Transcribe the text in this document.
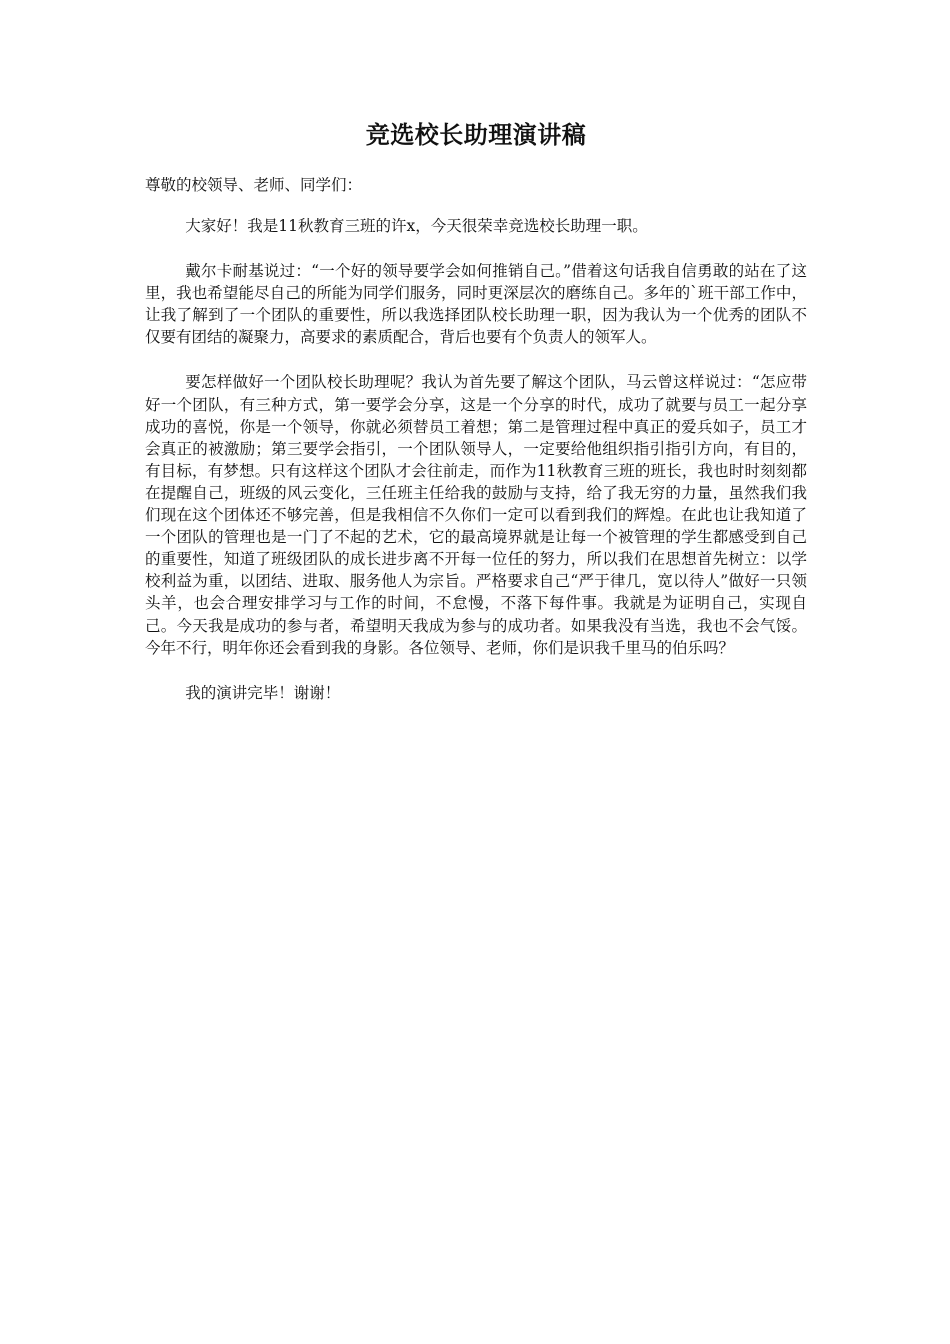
竞选校长助理演讲稿

尊敬的校领导、老师、同学们：

大家好！我是11秋教育三班的许x，今天很荣幸竞选校长助理一职。

戴尔卡耐基说过：“一个好的领导要学会如何推销自己。”借着这句话我自信勇敢的站在了这里，我也希望能尽自己的所能为同学们服务，同时更深层次的磨练自己。多年的`班干部工作中，让我了解到了一个团队的重要性，所以我选择团队校长助理一职，因为我认为一个优秀的团队不仅要有团结的凝聚力，高要求的素质配合，背后也要有个负责人的领军人。

要怎样做好一个团队校长助理呢？我认为首先要了解这个团队，马云曾这样说过：“怎应带好一个团队，有三种方式，第一要学会分享，这是一个分享的时代，成功了就要与员工一起分享成功的喜悦，你是一个领导，你就必须替员工着想；第二是管理过程中真正的爱兵如子，员工才会真正的被激励；第三要学会指引，一个团队领导人，一定要给他组织指引指引方向，有目的，有目标，有梦想。只有这样这个团队才会往前走，而作为11秋教育三班的班长，我也时时刻刻都在提醒自己，班级的风云变化，三任班主任给我的鼓励与支持，给了我无穷的力量，虽然我们我们现在这个团体还不够完善，但是我相信不久你们一定可以看到我们的辉煌。在此也让我知道了一个团队的管理也是一门了不起的艺术，它的最高境界就是让每一个被管理的学生都感受到自己的重要性，知道了班级团队的成长进步离不开每一位任的努力，所以我们在思想首先树立：以学校利益为重，以团结、进取、服务他人为宗旨。严格要求自己“严于律几，宽以待人”做好一只领头羊，也会合理安排学习与工作的时间，不怠慢，不落下每件事。我就是为证明自己，实现自己。今天我是成功的参与者，希望明天我成为参与的成功者。如果我没有当选，我也不会气馁。今年不行，明年你还会看到我的身影。各位领导、老师，你们是识我千里马的伯乐吗？

我的演讲完毕！谢谢！
